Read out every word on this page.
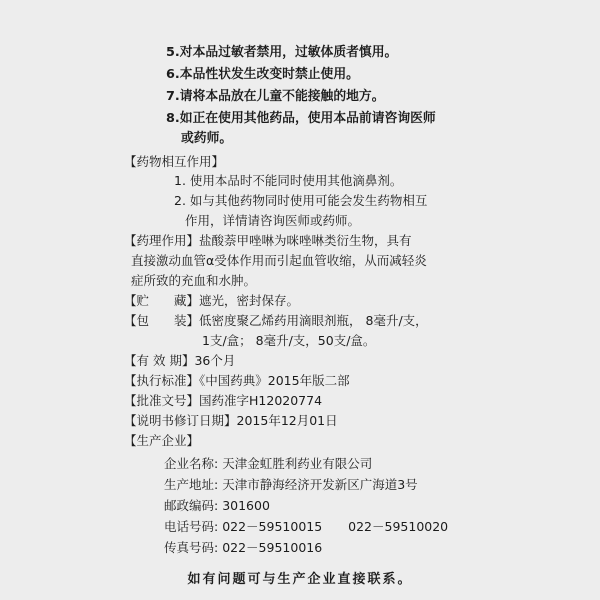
5.对本品过敏者禁用，过敏体质者慎用。
6.本品性状发生改变时禁止使用。
7.请将本品放在儿童不能接触的地方。
8.如正在使用其他药品，使用本品前请咨询医师
或药师。
【药物相互作用】
1. 使用本品时不能同时使用其他滴鼻剂。
2. 如与其他药物同时使用可能会发生药物相互
作用，详情请咨询医师或药师。
【药理作用】盐酸萘甲唑啉为咪唑啉类衍生物，具有
直接激动血管α受体作用而引起血管收缩，从而减轻炎
症所致的充血和水肿。
【贮　　藏】遮光，密封保存。
【包　　装】低密度聚乙烯药用滴眼剂瓶， 8毫升/支，
1支/盒； 8毫升/支，50支/盒。
【有 效 期】36个月
【执行标准】《中国药典》2015年版二部
【批准文号】国药准字H12020774
【说明书修订日期】2015年12月01日
【生产企业】
企业名称: 天津金虹胜利药业有限公司
生产地址: 天津市静海经济开发新区广海道3号
邮政编码: 301600
电话号码: 022－59510015 022－59510020
传真号码: 022－59510016
如有问题可与生产企业直接联系。
